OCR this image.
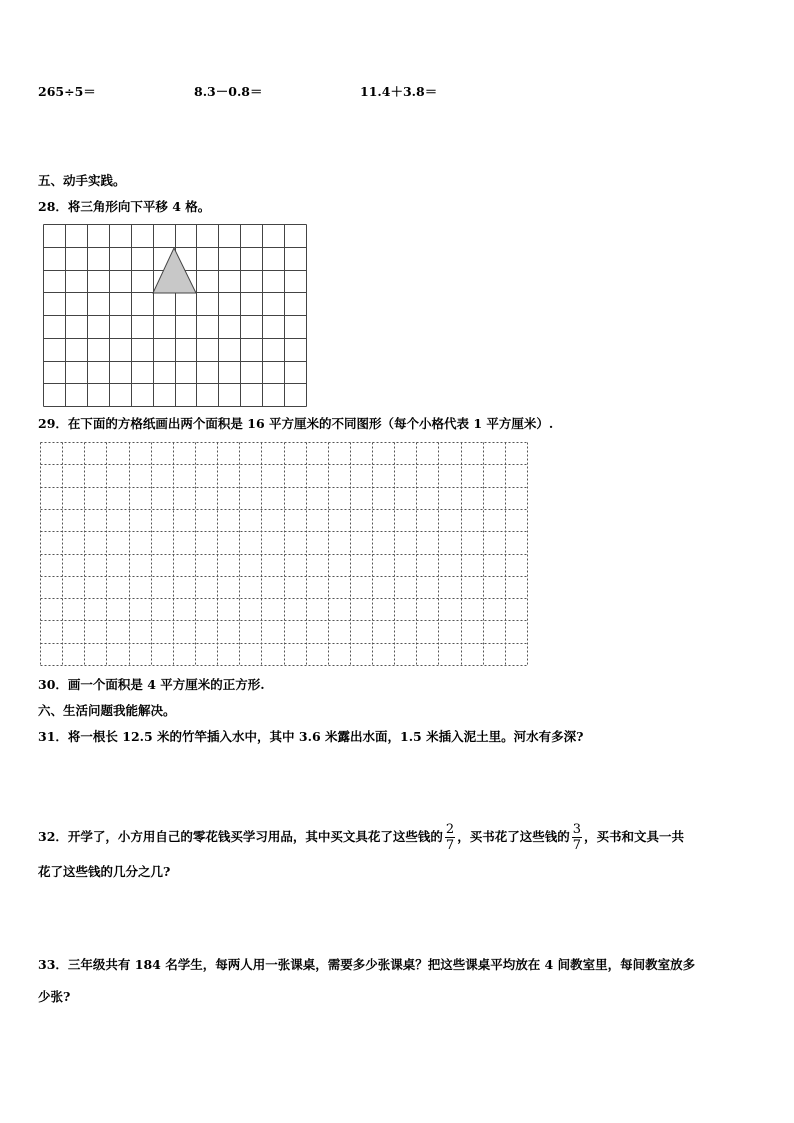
265÷5＝	8.3－0.8＝	11.4＋3.8＝
五、动手实践。
28．将三角形向下平移 4 格。
29．在下面的方格纸画出两个面积是 16 平方厘米的不同图形（每个小格代表 1 平方厘米）.
30．画一个面积是 4 平方厘米的正方形.
六、生活问题我能解决。
31．将一根长 12.5 米的竹竿插入水中，其中 3.6 米露出水面，1.5 米插入泥土里。河水有多深?
32．开学了，小方用自己的零花钱买学习用品，其中买文具花了这些钱的 $\frac{2}{7}$ ，买书花了这些钱的 $\frac{3}{7}$ ，买书和文具一共
花了这些钱的几分之几?
33．三年级共有 184 名学生，每两人用一张课桌，需要多少张课桌？把这些课桌平均放在 4 间教室里，每间教室放多
少张?
